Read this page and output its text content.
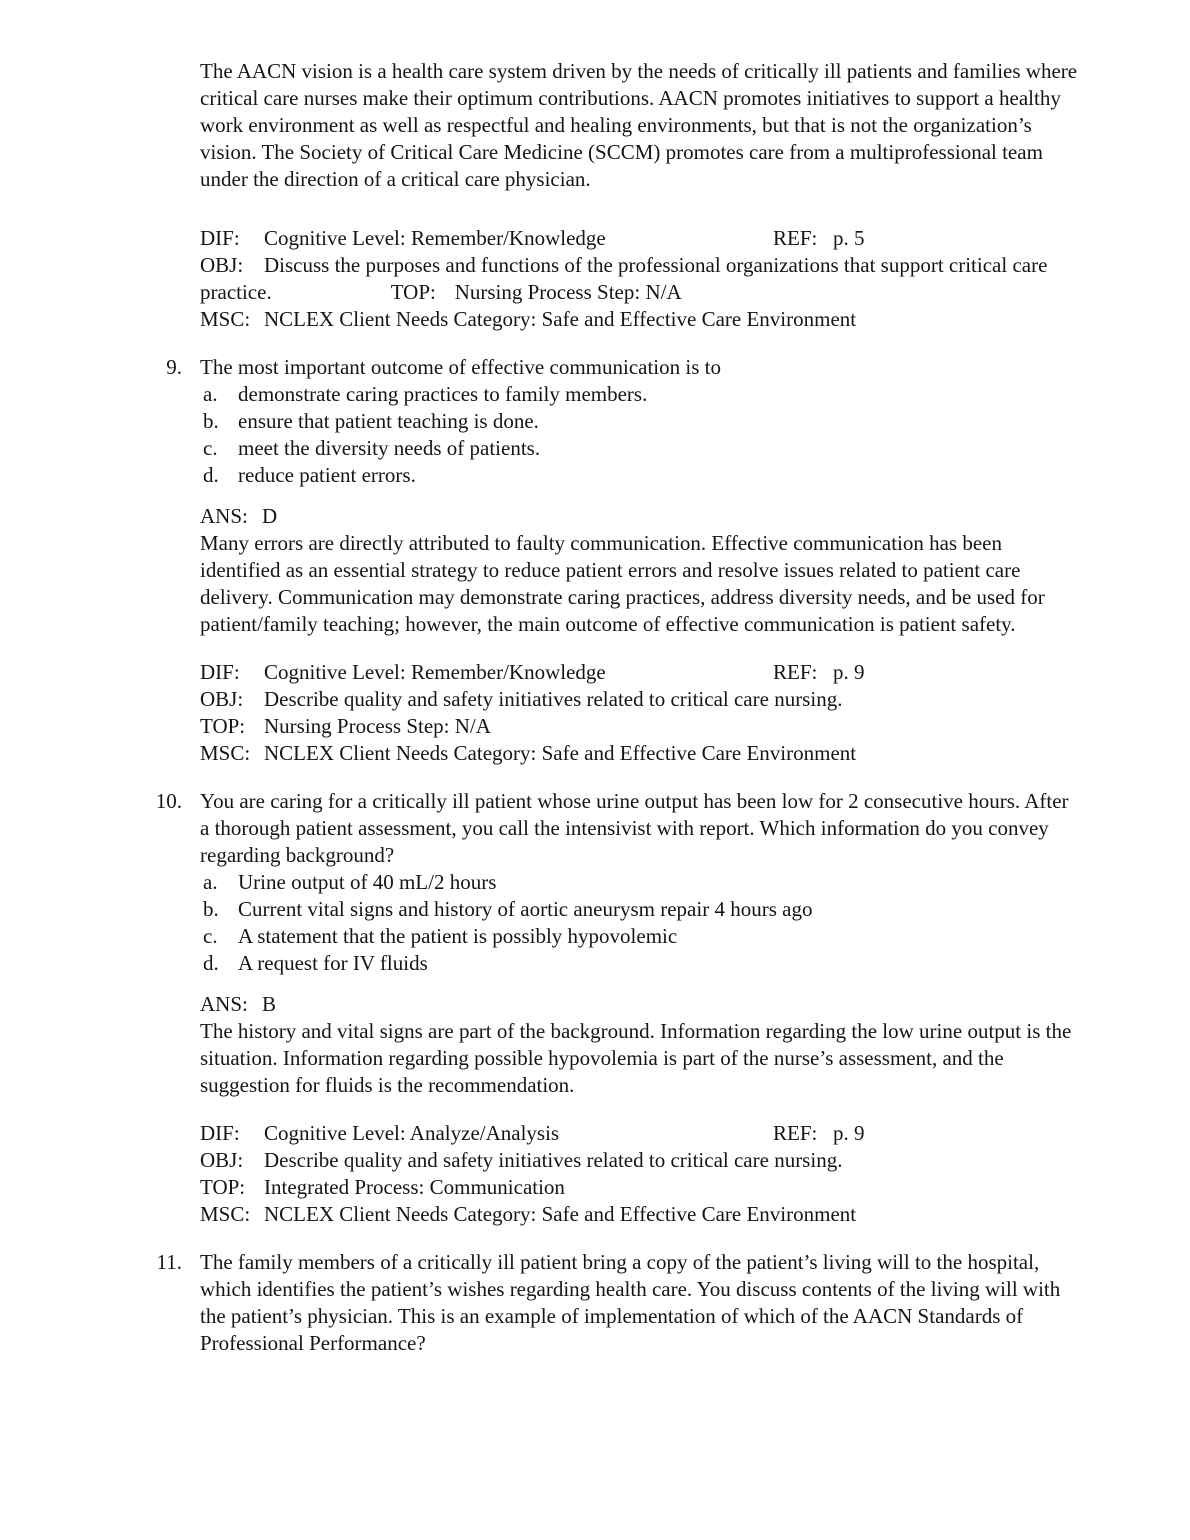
The AACN vision is a health care system driven by the needs of critically ill patients and families where critical care nurses make their optimum contributions. AACN promotes initiatives to support a healthy work environment as well as respectful and healing environments, but that is not the organization’s vision. The Society of Critical Care Medicine (SCCM) promotes care from a multiprofessional team under the direction of a critical care physician.
DIF: Cognitive Level: Remember/Knowledge	REF: p. 5
OBJ: Discuss the purposes and functions of the professional organizations that support critical care practice.	TOP: Nursing Process Step: N/A
MSC: NCLEX Client Needs Category: Safe and Effective Care Environment
9. The most important outcome of effective communication is to
a. demonstrate caring practices to family members.
b. ensure that patient teaching is done.
c. meet the diversity needs of patients.
d. reduce patient errors.
ANS: D
Many errors are directly attributed to faulty communication. Effective communication has been identified as an essential strategy to reduce patient errors and resolve issues related to patient care delivery. Communication may demonstrate caring practices, address diversity needs, and be used for patient/family teaching; however, the main outcome of effective communication is patient safety.
DIF: Cognitive Level: Remember/Knowledge	REF: p. 9
OBJ: Describe quality and safety initiatives related to critical care nursing.
TOP: Nursing Process Step: N/A
MSC: NCLEX Client Needs Category: Safe and Effective Care Environment
10. You are caring for a critically ill patient whose urine output has been low for 2 consecutive hours. After a thorough patient assessment, you call the intensivist with report. Which information do you convey regarding background?
a. Urine output of 40 mL/2 hours
b. Current vital signs and history of aortic aneurysm repair 4 hours ago
c. A statement that the patient is possibly hypovolemic
d. A request for IV fluids
ANS: B
The history and vital signs are part of the background. Information regarding the low urine output is the situation. Information regarding possible hypovolemia is part of the nurse’s assessment, and the suggestion for fluids is the recommendation.
DIF: Cognitive Level: Analyze/Analysis	REF: p. 9
OBJ: Describe quality and safety initiatives related to critical care nursing.
TOP: Integrated Process: Communication
MSC: NCLEX Client Needs Category: Safe and Effective Care Environment
11. The family members of a critically ill patient bring a copy of the patient’s living will to the hospital, which identifies the patient’s wishes regarding health care. You discuss contents of the living will with the patient’s physician. This is an example of implementation of which of the AACN Standards of Professional Performance?
